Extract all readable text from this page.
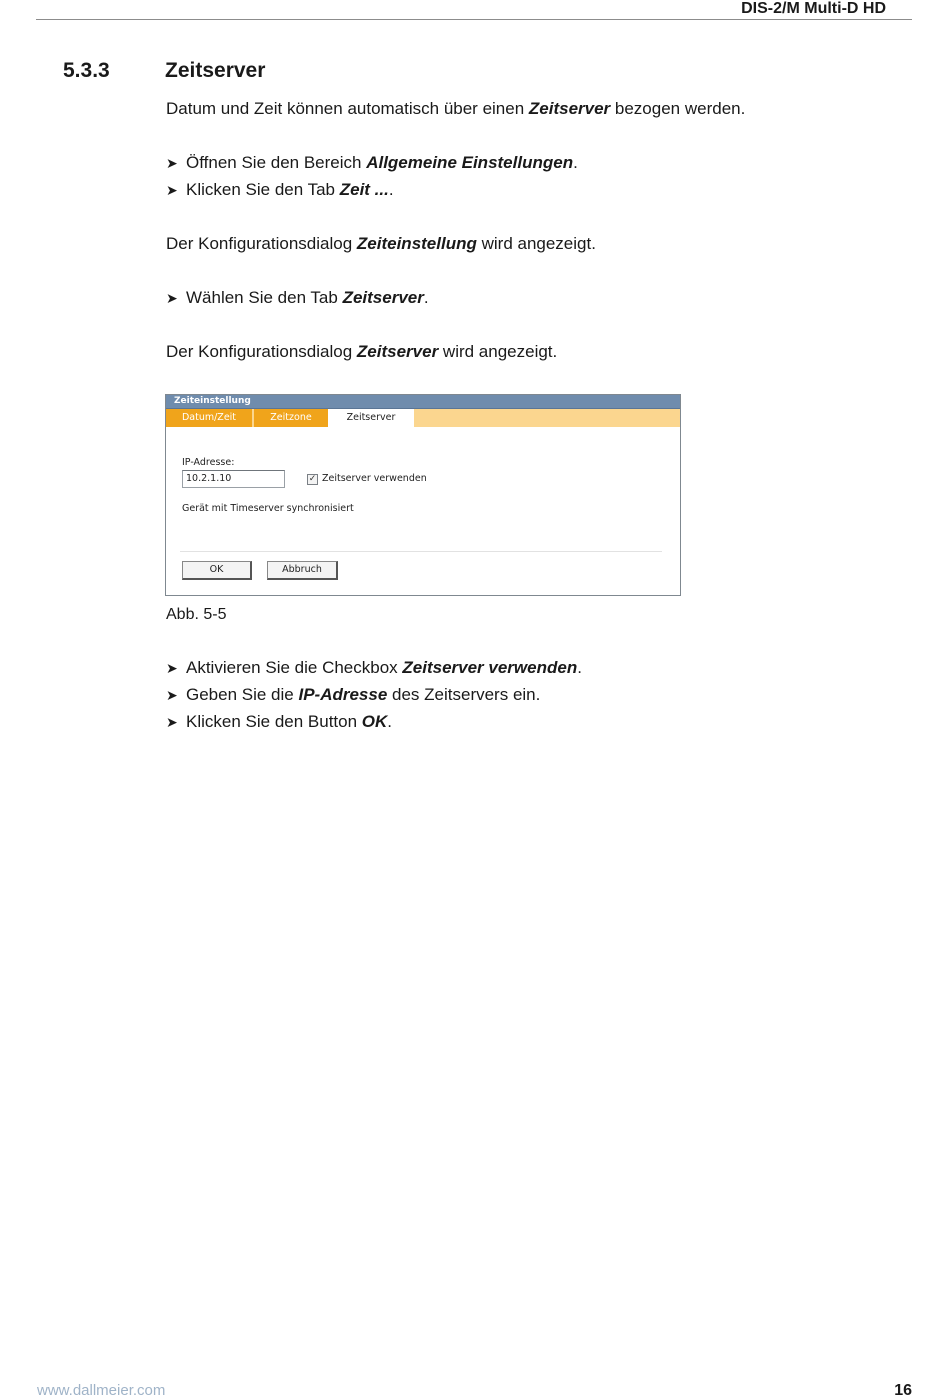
DIS-2/M Multi-D HD
5.3.3	Zeitserver
Datum und Zeit können automatisch über einen Zeitserver bezogen werden.
➤ Öffnen Sie den Bereich Allgemeine Einstellungen.
➤ Klicken Sie den Tab Zeit ....
Der Konfigurationsdialog Zeiteinstellung wird angezeigt.
➤ Wählen Sie den Tab Zeitserver.
Der Konfigurationsdialog Zeitserver wird angezeigt.
Zeiteinstellung
Datum/Zeit	Zeitzone	Zeitserver
IP-Adresse:
10.2.1.10	✓ Zeitserver verwenden
Gerät mit Timeserver synchronisiert
OK	Abbruch
Abb. 5-5
➤ Aktivieren Sie die Checkbox Zeitserver verwenden.
➤ Geben Sie die IP-Adresse des Zeitservers ein.
➤ Klicken Sie den Button OK.
www.dallmeier.com	16
